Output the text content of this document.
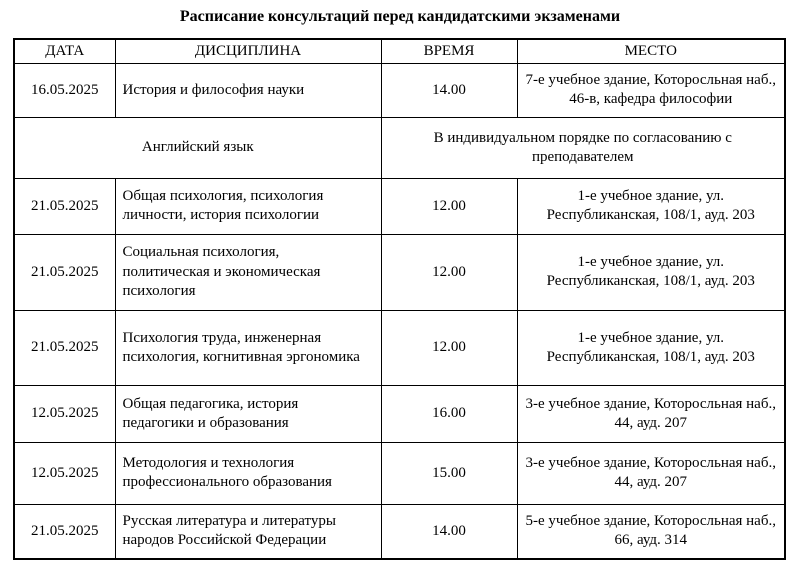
Расписание консультаций перед кандидатскими экзаменами
ДАТА	ДИСЦИПЛИНА	ВРЕМЯ	МЕСТО
16.05.2025	История и философия науки	14.00	7-е учебное здание, Которосльная наб., 46-в, кафедра философии
Английский язык		В индивидуальном порядке по согласованию с преподавателем	
21.05.2025	Общая психология, психология личности, история психологии	12.00	1-е учебное здание, ул. Республиканская, 108/1, ауд. 203
21.05.2025	Социальная психология, политическая и экономическая психология	12.00	1-е учебное здание, ул. Республиканская, 108/1, ауд. 203
21.05.2025	Психология труда, инженерная психология, когнитивная эргономика	12.00	1-е учебное здание, ул. Республиканская, 108/1, ауд. 203
12.05.2025	Общая педагогика, история педагогики и образования	16.00	3-е учебное здание, Которосльная наб., 44, ауд. 207
12.05.2025	Методология и технология профессионального образования	15.00	3-е учебное здание, Которосльная наб., 44, ауд. 207
21.05.2025	Русская литература и литературы народов Российской Федерации	14.00	5-е учебное здание, Которосльная наб., 66, ауд. 314
